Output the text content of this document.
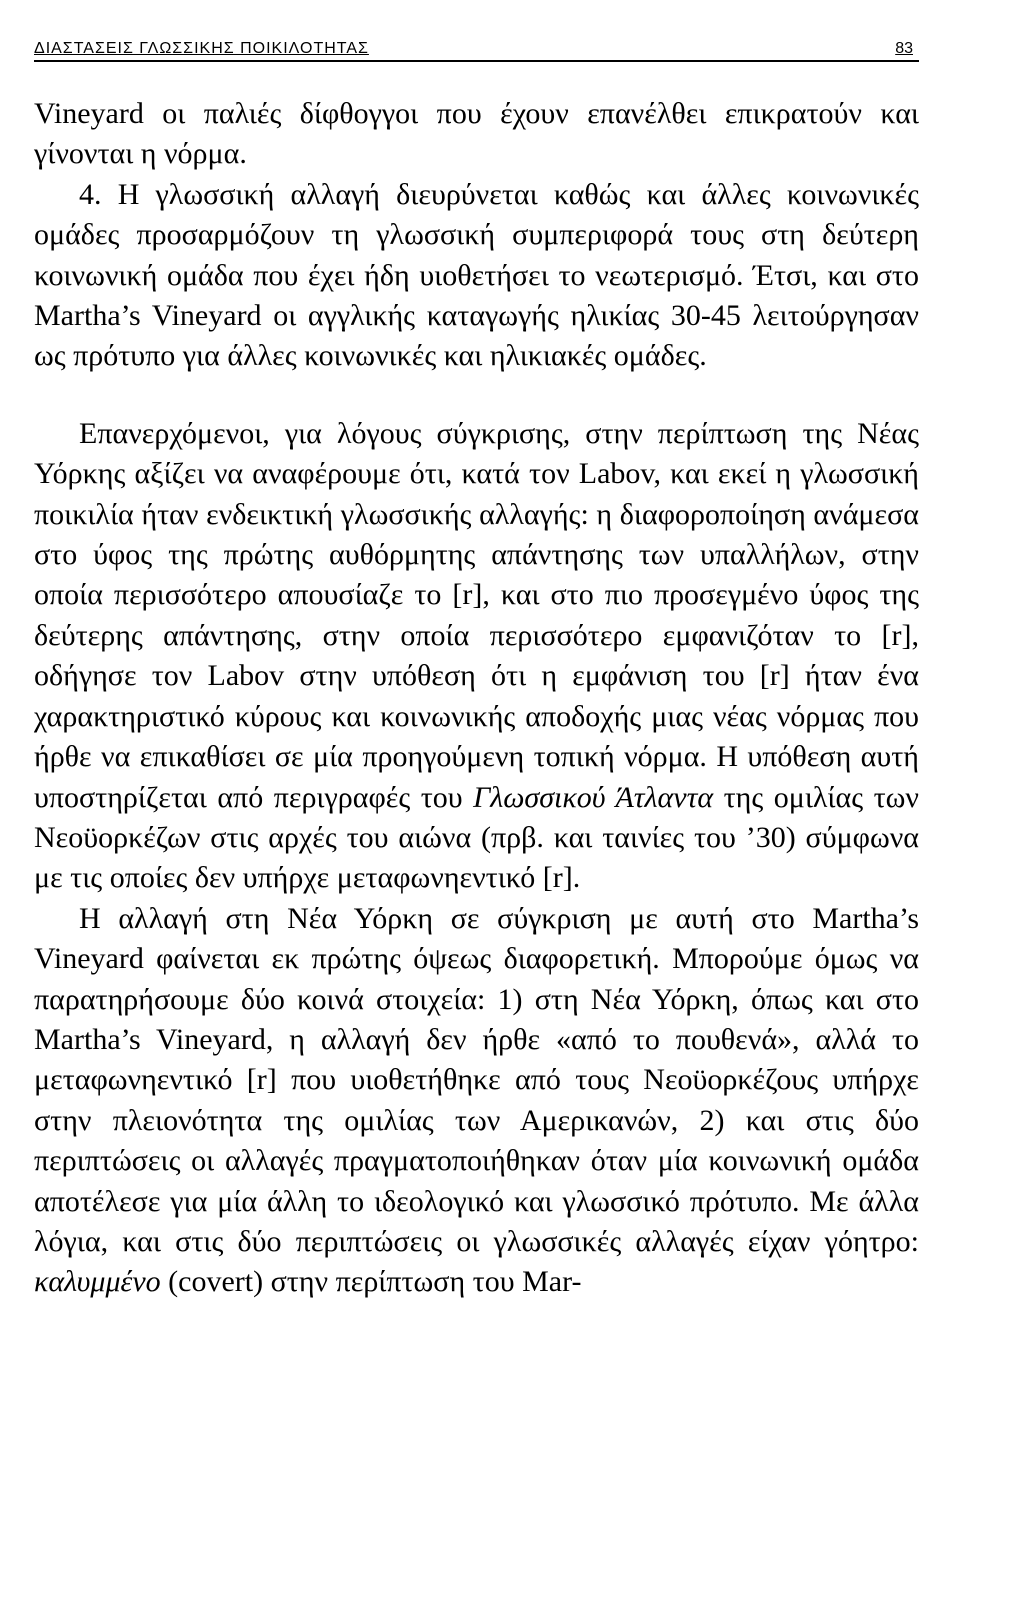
ΔΙΑΣΤΑΣΕΙΣ ΓΛΩΣΣΙΚΗΣ ΠΟΙΚΙΛΟΤΗΤΑΣ	83

Vineyard οι παλιές δίφθογγοι που έχουν επανέλθει επικρατούν και γίνονται η νόρμα.

4. Η γλωσσική αλλαγή διευρύνεται καθώς και άλλες κοινωνικές ομάδες προσαρμόζουν τη γλωσσική συμπεριφορά τους στη δεύτερη κοινωνική ομάδα που έχει ήδη υιοθετήσει το νεωτερισμό. Έτσι, και στο Martha’s Vineyard οι αγγλικής καταγωγής ηλικίας 30-45 λειτούργησαν ως πρότυπο για άλλες κοινωνικές και ηλικιακές ομάδες.

Επανερχόμενοι, για λόγους σύγκρισης, στην περίπτωση της Νέας Υόρκης αξίζει να αναφέρουμε ότι, κατά τον Labov, και εκεί η γλωσσική ποικιλία ήταν ενδεικτική γλωσσικής αλλαγής: η διαφοροποίηση ανάμεσα στο ύφος της πρώτης αυθόρμητης απάντησης των υπαλλήλων, στην οποία περισσότερο απουσίαζε το [r], και στο πιο προσεγμένο ύφος της δεύτερης απάντησης, στην οποία περισσότερο εμφανιζόταν το [r], οδήγησε τον Labov στην υπόθεση ότι η εμφάνιση του [r] ήταν ένα χαρακτηριστικό κύρους και κοινωνικής αποδοχής μιας νέας νόρμας που ήρθε να επικαθίσει σε μία προηγούμενη τοπική νόρμα. Η υπόθεση αυτή υποστηρίζεται από περιγραφές του Γλωσσικού Άτλαντα της ομιλίας των Νεοϋορκέζων στις αρχές του αιώνα (πρβ. και ταινίες του ’30) σύμφωνα με τις οποίες δεν υπήρχε μεταφωνηεντικό [r].

Η αλλαγή στη Νέα Υόρκη σε σύγκριση με αυτή στο Martha’s Vineyard φαίνεται εκ πρώτης όψεως διαφορετική. Μπορούμε όμως να παρατηρήσουμε δύο κοινά στοιχεία: 1) στη Νέα Υόρκη, όπως και στο Martha’s Vineyard, η αλλαγή δεν ήρθε «από το πουθενά», αλλά το μεταφωνηεντικό [r] που υιοθετήθηκε από τους Νεοϋορκέζους υπήρχε στην πλειονότητα της ομιλίας των Αμερικανών, 2) και στις δύο περιπτώσεις οι αλλαγές πραγματοποιήθηκαν όταν μία κοινωνική ομάδα αποτέλεσε για μία άλλη το ιδεολογικό και γλωσσικό πρότυπο. Με άλλα λόγια, και στις δύο περιπτώσεις οι γλωσσικές αλλαγές είχαν γόητρο: καλυμμένο (covert) στην περίπτωση του Mar-
